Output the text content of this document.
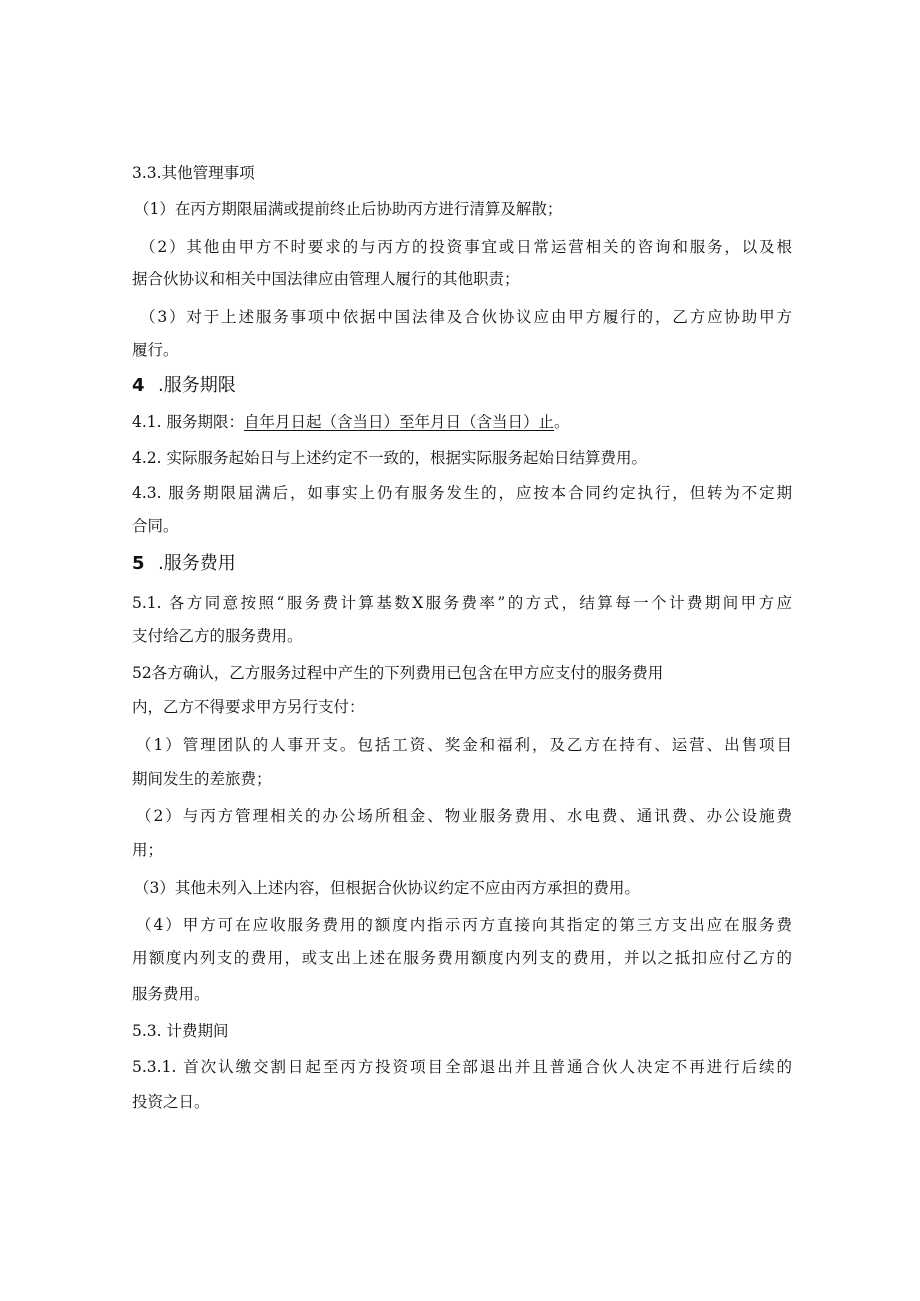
3.3.其他管理事项
（1）在丙方期限届满或提前终止后协助丙方进行清算及解散；
（2）其他由甲方不时要求的与丙方的投资事宜或日常运营相关的咨询和服务，以及根
据合伙协议和相关中国法律应由管理人履行的其他职责；
（3）对于上述服务事项中依据中国法律及合伙协议应由甲方履行的，乙方应协助甲方
履行。
4 .服务期限
4.1. 服务期限：自年月日起（含当日）至年月日（含当日）止。
4.2. 实际服务起始日与上述约定不一致的，根据实际服务起始日结算费用。
4.3. 服务期限届满后，如事实上仍有服务发生的，应按本合同约定执行，但转为不定期
合同。
5 .服务费用
5.1. 各方同意按照“服务费计算基数X服务费率”的方式，结算每一个计费期间甲方应
支付给乙方的服务费用。
52各方确认，乙方服务过程中产生的下列费用已包含在甲方应支付的服务费用
内，乙方不得要求甲方另行支付：
（1）管理团队的人事开支。包括工资、奖金和福利，及乙方在持有、运营、出售项目
期间发生的差旅费；
（2）与丙方管理相关的办公场所租金、物业服务费用、水电费、通讯费、办公设施费
用；
（3）其他未列入上述内容，但根据合伙协议约定不应由丙方承担的费用。
（4）甲方可在应收服务费用的额度内指示丙方直接向其指定的第三方支出应在服务费
用额度内列支的费用，或支出上述在服务费用额度内列支的费用，并以之抵扣应付乙方的
服务费用。
5.3. 计费期间
5.3.1. 首次认缴交割日起至丙方投资项目全部退出并且普通合伙人决定不再进行后续的
投资之日。
